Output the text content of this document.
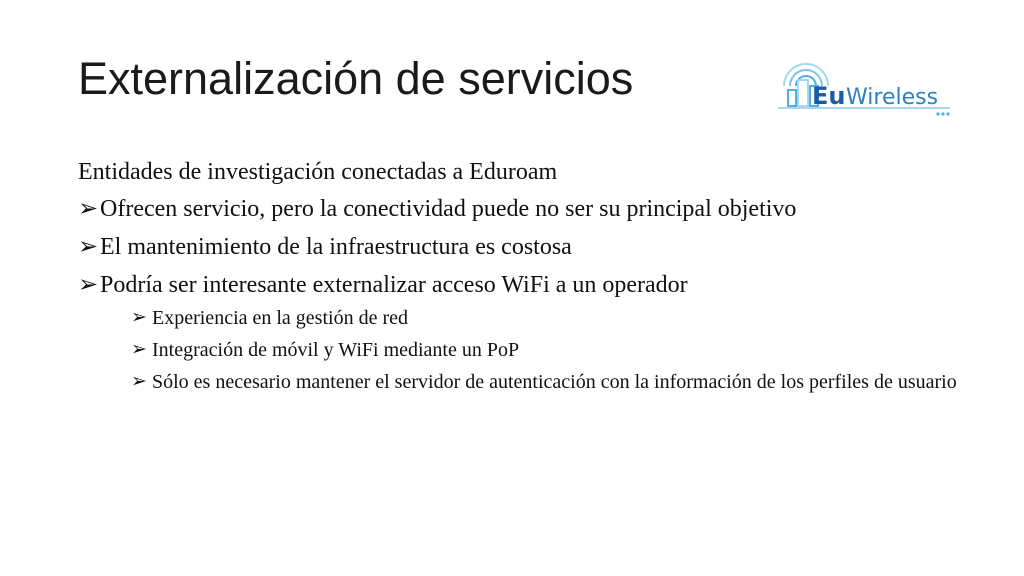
Externalización de servicios	Eu Wireless
Entidades de investigación conectadas a Eduroam
➢ Ofrecen servicio, pero la conectividad puede no ser su principal objetivo
➢ El mantenimiento de la infraestructura es costosa
➢ Podría ser interesante externalizar acceso WiFi a un operador
➢ Experiencia en la gestión de red
➢ Integración de móvil y WiFi mediante un PoP
➢ Sólo es necesario mantener el servidor de autenticación con la información de los perfiles de usuario
